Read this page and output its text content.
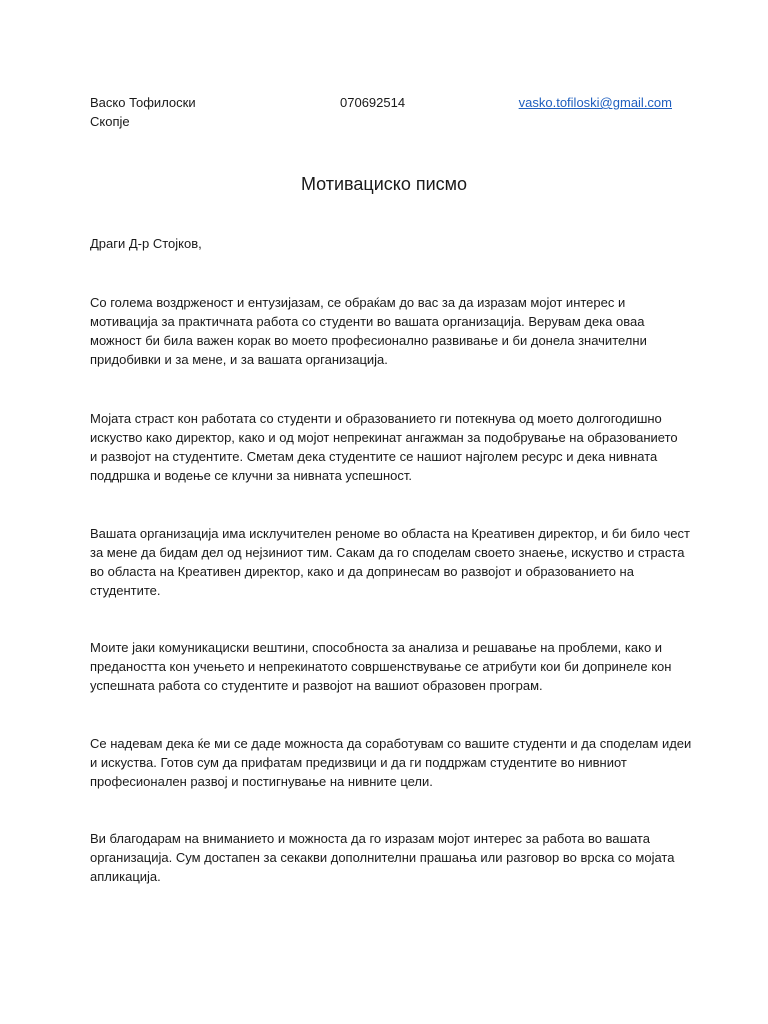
Васко Тофилоски	070692514	vasko.tofiloski@gmail.com
Скопје
Мотивациско писмо
Драги Д-р Стојков,
Со голема воздрженост и ентузијазам, се обраќам до вас за да изразам мојот интерес и
мотивација за практичната работа со студенти во вашата организација. Верувам дека оваа
можност би била важен корак во моето професионално развивање и би донела значителни
придобивки и за мене, и за вашата организација.
Мојата страст кон работата со студенти и образованието ги потекнува од моето долгогодишно
искуство како директор, како и од мојот непрекинат ангажман за подобрување на образованието
и развојот на студентите. Сметам дека студентите се нашиот најголем ресурс и дека нивната
поддршка и водење се клучни за нивната успешност.
Вашата организација има исклучителен реноме во областа на Креативен директор, и би било чест
за мене да бидам дел од нејзиниот тим. Сакам да го споделам своето знаење, искуство и страста
во областа на Креативен директор, како и да допринесам во развојот и образованието на
студентите.
Моите јаки комуникациски вештини, способноста за анализа и решавање на проблеми, како и
предаността кон учењето и непрекинатото совршенствување се атрибути кои би допринеле кон
успешната работа со студентите и развојот на вашиот образовен програм.
Се надевам дека ќе ми се даде можноста да соработувам со вашите студенти и да споделам идеи
и искуства. Готов сум да прифатам предизвици и да ги поддржам студентите во нивниот
професионален развој и постигнување на нивните цели.
Ви благодарам на вниманието и можноста да го изразам мојот интерес за работа во вашата
организација. Сум достапен за секакви дополнителни прашања или разговор во врска со мојата
апликација.
